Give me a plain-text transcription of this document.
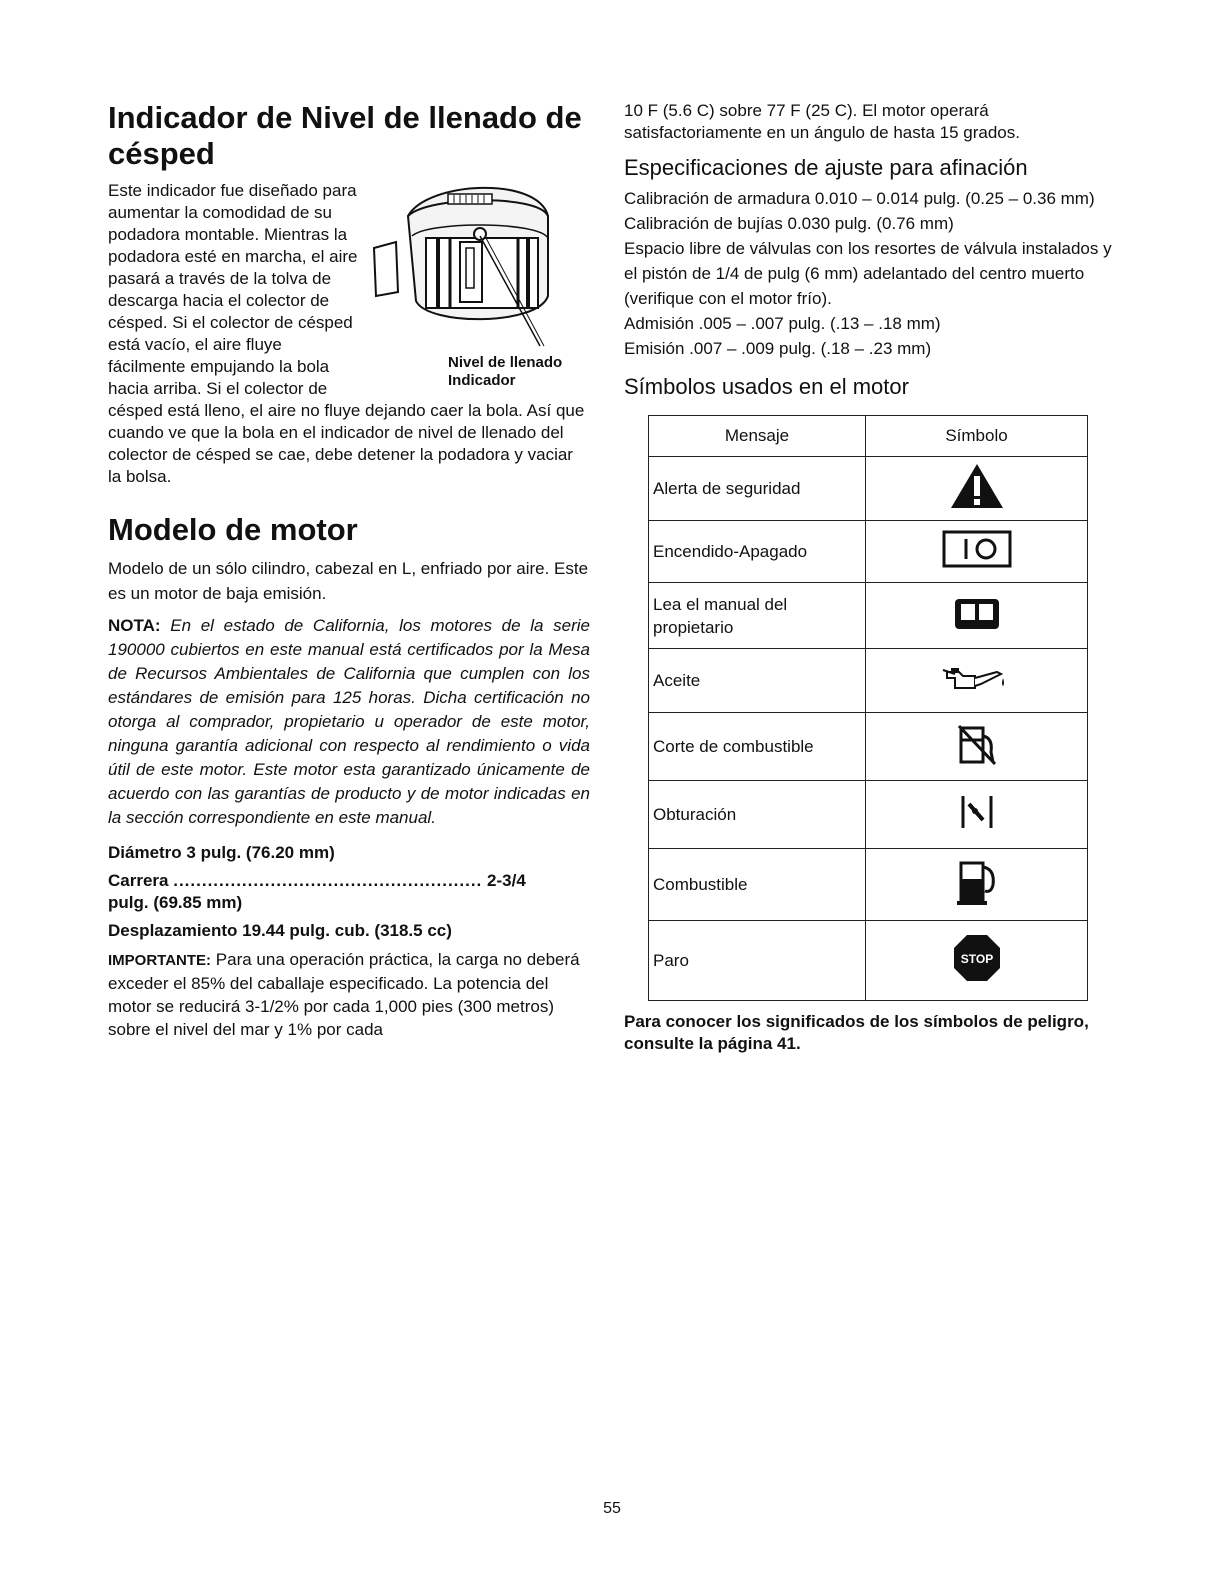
Indicador de Nivel de llenado de césped
Nivel de llenado
Indicador

Este indicador fue diseñado para aumentar la comodidad de su podadora montable. Mientras la podadora esté en marcha, el aire pasará a través de la tolva de descarga hacia el colector de césped. Si el colector de césped está vacío, el aire fluye fácilmente empujando la bola hacia arriba. Si el colector de césped está lleno, el aire no fluye dejando caer la bola. Así que cuando ve que la bola en el indicador de nivel de llenado del colector de césped se cae, debe detener la podadora y vaciar la bolsa.

Modelo de motor

Modelo de un sólo cilindro, cabezal en L, enfriado por aire. Este es un motor de baja emisión.

NOTA: En el estado de California, los motores de la serie 190000 cubiertos en este manual está certificados por la Mesa de Recursos Ambientales de California que cumplen con los estándares de emisión para 125 horas. Dicha certificación no otorga al comprador, propietario u operador de este motor, ninguna garantía adicional con respecto al rendimiento o vida útil de este motor. Este motor esta garantizado únicamente de acuerdo con las garantías de producto y de motor indicadas en la sección correspondiente en este manual.

Diámetro 3 pulg. (76.20 mm)

Carrera ...................................................... 2-3/4
pulg. (69.85 mm)

Desplazamiento 19.44 pulg. cub. (318.5 cc)

IMPORTANTE: Para una operación práctica, la carga no deberá exceder el 85% del caballaje especificado. La potencia del motor se reducirá 3-1/2% por cada 1,000 pies (300 metros) sobre el nivel del mar y 1% por cada

10 F (5.6 C) sobre 77 F (25 C). El motor operará satisfactoriamente en un ángulo de hasta 15 grados.

Especificaciones de ajuste para afinación

Calibración de armadura 0.010 – 0.014 pulg. (0.25 – 0.36 mm)

Calibración de bujías 0.030 pulg. (0.76 mm)

Espacio libre de válvulas con los resortes de válvula instalados y el pistón de 1/4 de pulg (6 mm) adelantado del centro muerto (verifique con el motor frío).

Admisión .005 – .007 pulg. (.13 – .18 mm)

Emisión .007 – .009 pulg. (.18 – .23 mm)

Símbolos usados en el motor
Mensaje	Símbolo
Alerta de seguridad	
Encendido-Apagado	
Lea el manual del propietario	
Aceite	
Corte de combustible	
Obturación	
Combustible	
Paro	STOP

Para conocer los significados de los símbolos de peligro, consulte la página 41.

55
